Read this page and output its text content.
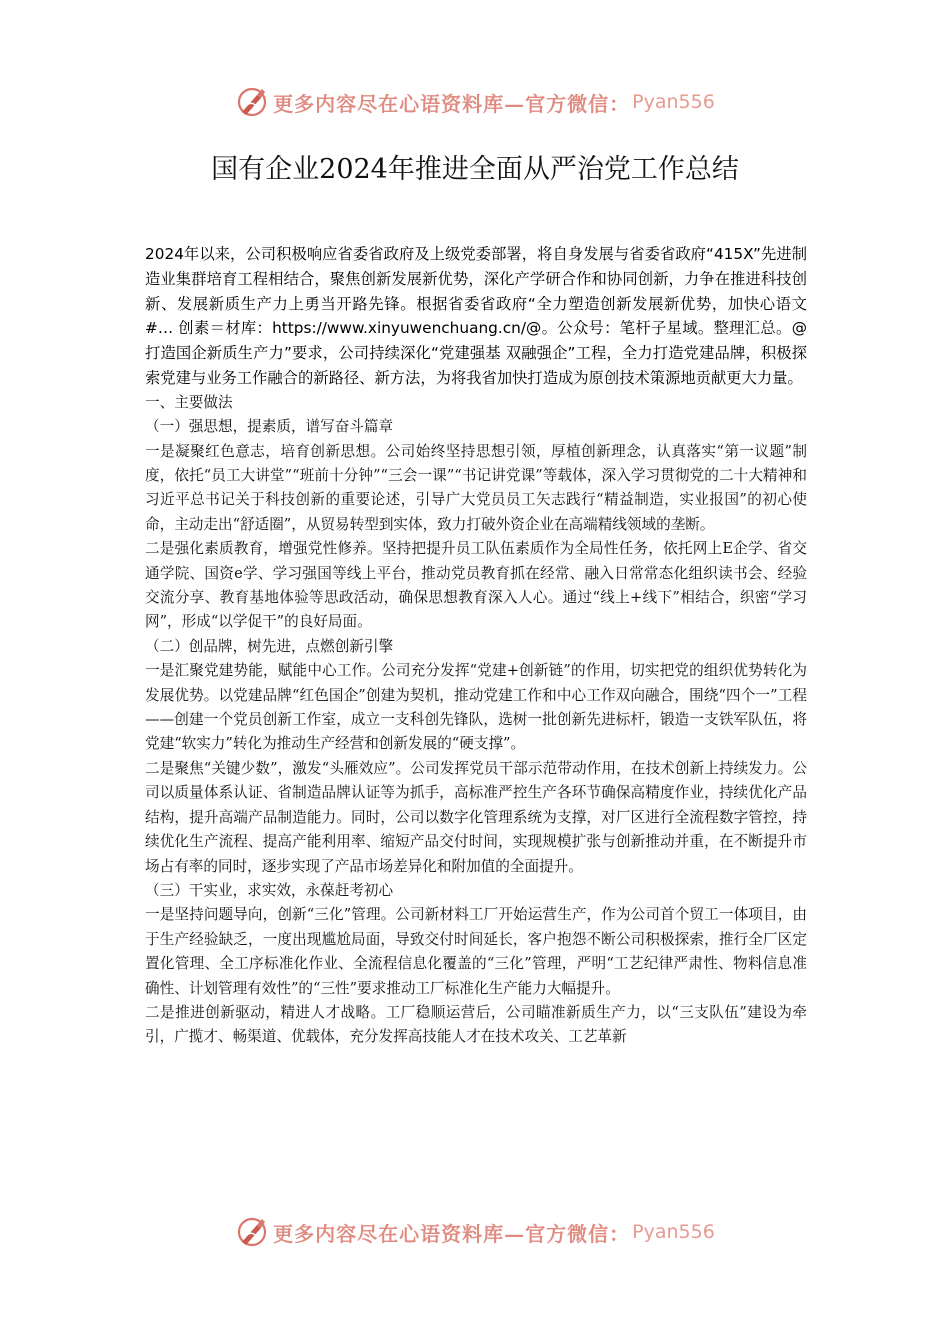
更多内容尽在心语资料库—官方微信： Pyan556
国有企业2024年推进全面从严治党工作总结

2024年以来，公司积极响应省委省政府及上级党委部署，将自身发展与省委省政府“415X”先进制造业集群培育工程相结合，聚焦创新发展新优势，深化产学研合作和协同创新，力争在推进科技创新、发展新质生产力上勇当开路先锋。根据省委省政府“全力塑造创新发展新优势，加快心语文#… 创素＝材库：https://www.xinyuwenchuang.cn/@。公众号：笔杆子星域。整理汇总。@打造国企新质生产力”要求，公司持续深化“党建强基 双融强企”工程，全力打造党建品牌，积极探索党建与业务工作融合的新路径、新方法，为将我省加快打造成为原创技术策源地贡献更大力量。

一、主要做法

（一）强思想，提素质，谱写奋斗篇章

一是凝聚红色意志，培育创新思想。公司始终坚持思想引领，厚植创新理念，认真落实“第一议题”制度，依托“员工大讲堂”“班前十分钟”“三会一课”“书记讲党课”等载体，深入学习贯彻党的二十大精神和习近平总书记关于科技创新的重要论述，引导广大党员员工矢志践行“精益制造，实业报国”的初心使命，主动走出“舒适圈”，从贸易转型到实体，致力打破外资企业在高端精线领域的垄断。

二是强化素质教育，增强党性修养。坚持把提升员工队伍素质作为全局性任务，依托网上E企学、省交通学院、国资e学、学习强国等线上平台，推动党员教育抓在经常、融入日常常态化组织读书会、经验交流分享、教育基地体验等思政活动，确保思想教育深入人心。通过“线上+线下”相结合，织密“学习网”，形成“以学促干”的良好局面。

（二）创品牌，树先进，点燃创新引擎

一是汇聚党建势能，赋能中心工作。公司充分发挥“党建+创新链”的作用，切实把党的组织优势转化为发展优势。以党建品牌“红色国企”创建为契机，推动党建工作和中心工作双向融合，围绕“四个一”工程——创建一个党员创新工作室，成立一支科创先锋队，选树一批创新先进标杆，锻造一支铁军队伍，将党建“软实力”转化为推动生产经营和创新发展的“硬支撑”。

二是聚焦“关键少数”，激发“头雁效应”。公司发挥党员干部示范带动作用，在技术创新上持续发力。公司以质量体系认证、省制造品牌认证等为抓手，高标准严控生产各环节确保高精度作业，持续优化产品结构，提升高端产品制造能力。同时，公司以数字化管理系统为支撑，对厂区进行全流程数字管控，持续优化生产流程、提高产能利用率、缩短产品交付时间，实现规模扩张与创新推动并重，在不断提升市场占有率的同时，逐步实现了产品市场差异化和附加值的全面提升。

（三）干实业，求实效，永葆赶考初心

一是坚持问题导向，创新“三化”管理。公司新材料工厂开始运营生产，作为公司首个贸工一体项目，由于生产经验缺乏，一度出现尴尬局面，导致交付时间延长，客户抱怨不断公司积极探索，推行全厂区定置化管理、全工序标准化作业、全流程信息化覆盖的“三化”管理，严明“工艺纪律严肃性、物料信息准确性、计划管理有效性”的“三性”要求推动工厂标准化生产能力大幅提升。

二是推进创新驱动，精进人才战略。工厂稳顺运营后，公司瞄准新质生产力，以“三支队伍”建设为牵引，广揽才、畅渠道、优载体，充分发挥高技能人才在技术攻关、工艺革新

更多内容尽在心语资料库—官方微信： Pyan556
